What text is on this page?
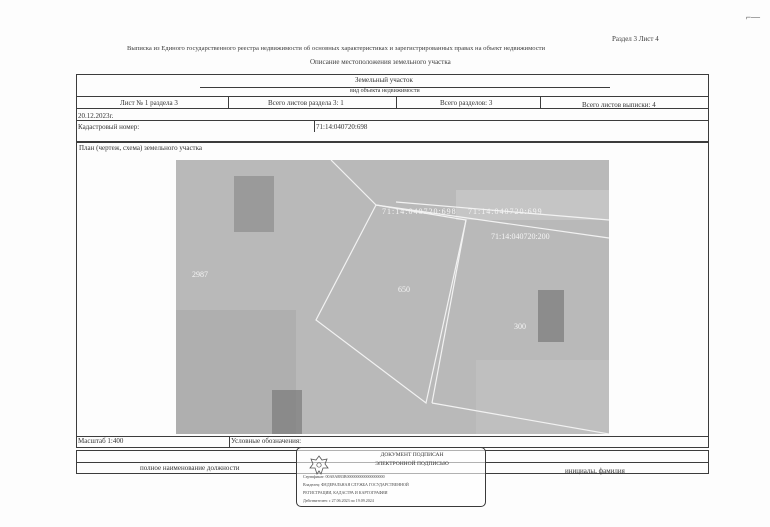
⌐—
Раздел 3 Лист 4
Выписка из Единого государственного реестра недвижимости об основных характеристиках и зарегистрированных правах на объект недвижимости
Описание местоположения земельного участка
Земельный участок
вид объекта недвижимости
Лист № 1 раздела 3	Всего листов раздела 3: 1	Всего разделов: 3	Всего листов выписки: 4
20.12.2023г.
Кадастровый номер:	71:14:040720:698
План (чертеж, схема) земельного участка
71:14:040720:698 71:14:040720:699
71:14:040720:200
2987
650
300
Масштаб 1:400	Условные обозначения:
полное наименование должности	инициалы, фамилия
ДОКУМЕНТ ПОДПИСАН
ЭЛЕКТРОННОЙ ПОДПИСЬЮ
Сертификат: 00A8A8B3B0000000000000000000
Владелец: ФЕДЕРАЛЬНАЯ СЛУЖБА ГОСУДАРСТВЕННОЙ
РЕГИСТРАЦИИ, КАДАСТРА И КАРТОГРАФИИ
Действителен: с 27.06.2023 по 19.09.2024
